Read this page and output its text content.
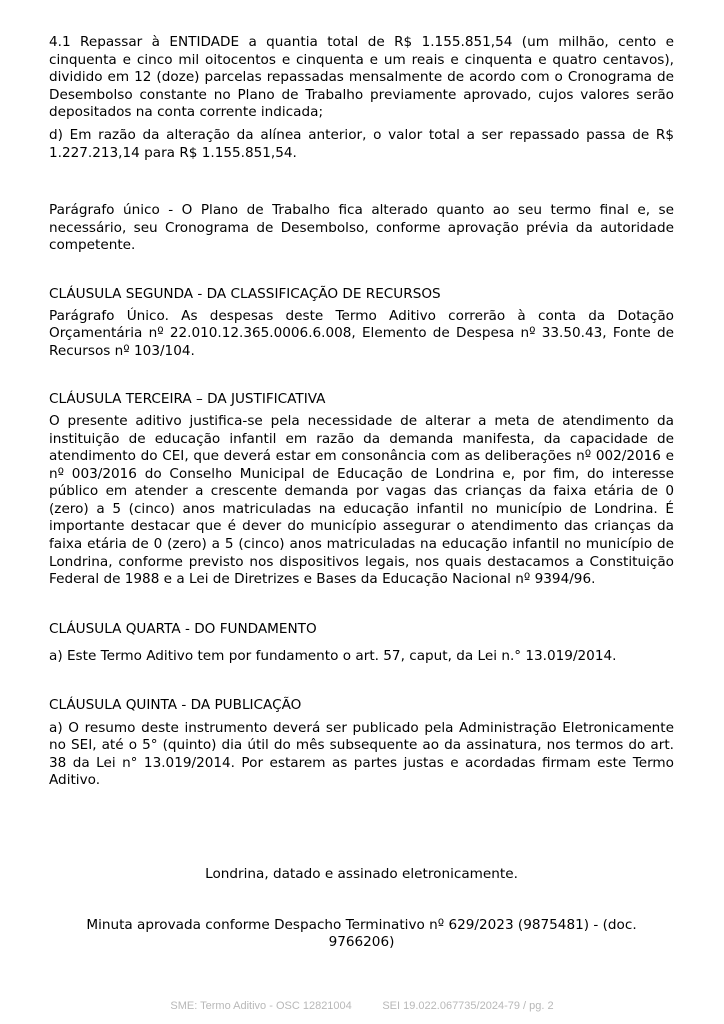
4.1 Repassar à ENTIDADE a quantia total de R$ 1.155.851,54 (um milhão, cento e cinquenta e cinco mil oitocentos e cinquenta e um reais e cinquenta e quatro centavos), dividido em 12 (doze) parcelas repassadas mensalmente de acordo com o Cronograma de Desembolso constante no Plano de Trabalho previamente aprovado, cujos valores serão depositados na conta corrente indicada;

d) Em razão da alteração da alínea anterior, o valor total a ser repassado passa de R$ 1.227.213,14 para R$ 1.155.851,54.

Parágrafo único - O Plano de Trabalho fica alterado quanto ao seu termo final e, se necessário, seu Cronograma de Desembolso, conforme aprovação prévia da autoridade competente.

CLÁUSULA SEGUNDA - DA CLASSIFICAÇÃO DE RECURSOS

Parágrafo Único. As despesas deste Termo Aditivo correrão à conta da Dotação Orçamentária nº 22.010.12.365.0006.6.008, Elemento de Despesa nº 33.50.43, Fonte de Recursos nº 103/104.

CLÁUSULA TERCEIRA – DA JUSTIFICATIVA

O presente aditivo justifica-se pela necessidade de alterar a meta de atendimento da instituição de educação infantil em razão da demanda manifesta, da capacidade de atendimento do CEI, que deverá estar em consonância com as deliberações nº 002/2016 e nº 003/2016 do Conselho Municipal de Educação de Londrina e, por fim, do interesse público em atender a crescente demanda por vagas das crianças da faixa etária de 0 (zero) a 5 (cinco) anos matriculadas na educação infantil no município de Londrina. É importante destacar que é dever do município assegurar o atendimento das crianças da faixa etária de 0 (zero) a 5 (cinco) anos matriculadas na educação infantil no município de Londrina, conforme previsto nos dispositivos legais, nos quais destacamos a Constituição Federal de 1988 e a Lei de Diretrizes e Bases da Educação Nacional nº 9394/96.

CLÁUSULA QUARTA - DO FUNDAMENTO

a) Este Termo Aditivo tem por fundamento o art. 57, caput, da Lei n.° 13.019/2014.

CLÁUSULA QUINTA - DA PUBLICAÇÃO

a) O resumo deste instrumento deverá ser publicado pela Administração Eletronicamente no SEI, até o 5° (quinto) dia útil do mês subsequente ao da assinatura, nos termos do art. 38 da Lei n° 13.019/2014. Por estarem as partes justas e acordadas firmam este Termo Aditivo.

Londrina, datado e assinado eletronicamente.

Minuta aprovada conforme Despacho Terminativo nº 629/2023 (9875481) - (doc. 9766206)

SME: Termo Aditivo - OSC 12821004	SEI 19.022.067735/2024-79 / pg. 2
